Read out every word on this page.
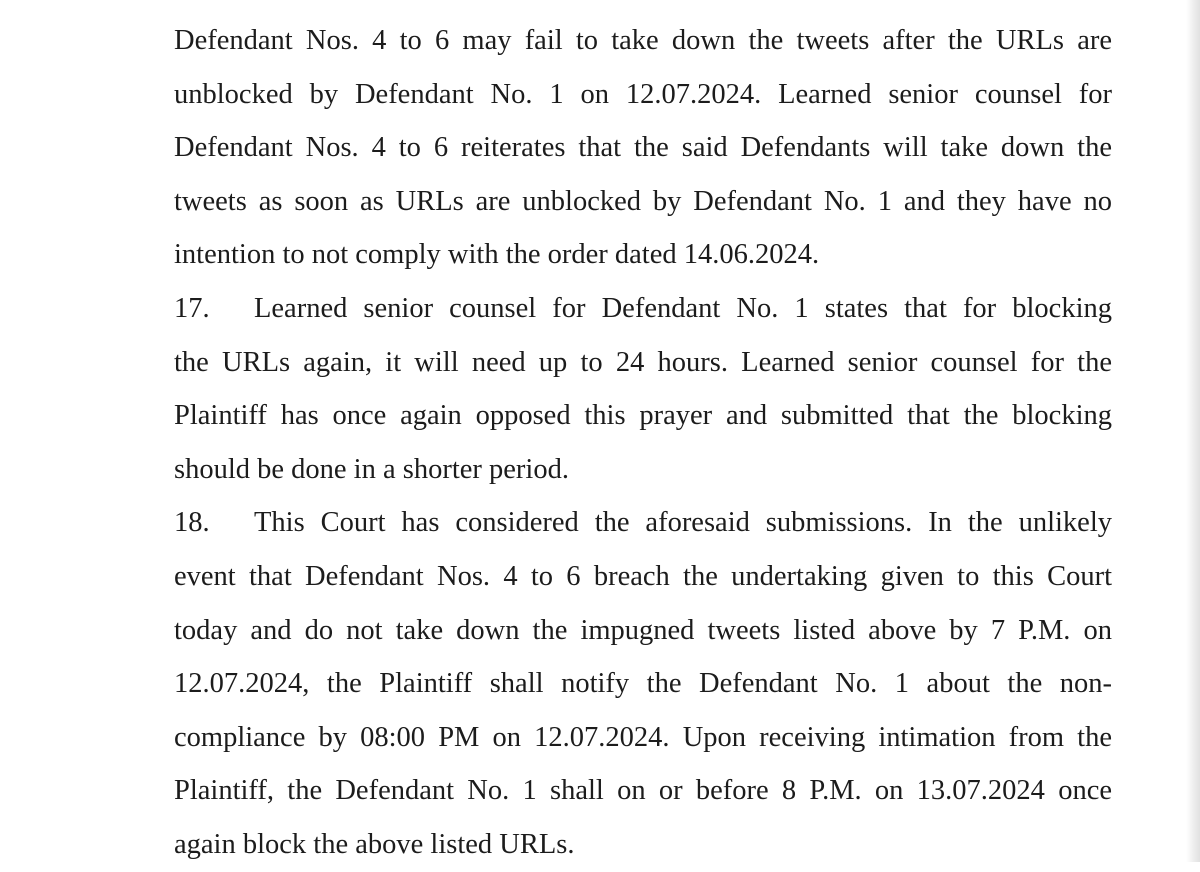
Defendant Nos. 4 to 6 may fail to take down the tweets after the URLs are
unblocked by Defendant No. 1 on 12.07.2024. Learned senior counsel for
Defendant Nos. 4 to 6 reiterates that the said Defendants will take down the
tweets as soon as URLs are unblocked by Defendant No. 1 and they have no
intention to not comply with the order dated 14.06.2024.
17. Learned senior counsel for Defendant No. 1 states that for blocking
the URLs again, it will need up to 24 hours. Learned senior counsel for the
Plaintiff has once again opposed this prayer and submitted that the blocking
should be done in a shorter period.
18. This Court has considered the aforesaid submissions. In the unlikely
event that Defendant Nos. 4 to 6 breach the undertaking given to this Court
today and do not take down the impugned tweets listed above by 7 P.M. on
12.07.2024, the Plaintiff shall notify the Defendant No. 1 about the non-
compliance by 08:00 PM on 12.07.2024. Upon receiving intimation from the
Plaintiff, the Defendant No. 1 shall on or before 8 P.M. on 13.07.2024 once
again block the above listed URLs.
